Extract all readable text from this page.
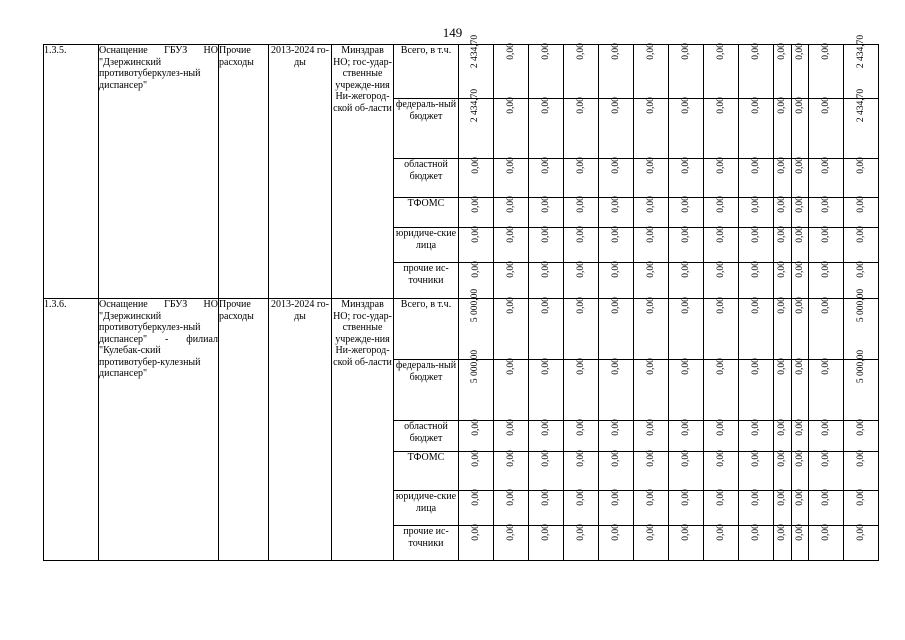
149
1.3.5.	Оснащение ГБУЗ НО "Дзержинский противотуберкулез-ный диспансер"	Прочие расходы	2013-2024 го-ды	Минздрав НО; гос-удар-ственные учрежде-ния Ни-жегород-ской об-ласти	Всего, в т.ч.	2 434,70	0,00	0,00	0,00	0,00	0,00	0,00	0,00	0,00	0,00	0,00	0,00	2 434,70
					федераль-ный бюджет	2 434,70	0,00	0,00	0,00	0,00	0,00	0,00	0,00	0,00	0,00	0,00	0,00	2 434,70
					областной бюджет	0,00	0,00	0,00	0,00	0,00	0,00	0,00	0,00	0,00	0,00	0,00	0,00	0,00
					ТФОМС	0,00	0,00	0,00	0,00	0,00	0,00	0,00	0,00	0,00	0,00	0,00	0,00	0,00
					юридиче-ские лица	0,00	0,00	0,00	0,00	0,00	0,00	0,00	0,00	0,00	0,00	0,00	0,00	0,00
					прочие ис-точники	0,00	0,00	0,00	0,00	0,00	0,00	0,00	0,00	0,00	0,00	0,00	0,00	0,00
1.3.6.	Оснащение ГБУЗ НО "Дзержинский противотуберкулез-ный диспансер" - филиал "Кулебак-ский противотубер-кулезный диспансер"	Прочие расходы	2013-2024 го-ды	Минздрав НО; гос-удар-ственные учрежде-ния Ни-жегород-ской об-ласти	Всего, в т.ч.	5 000,00	0,00	0,00	0,00	0,00	0,00	0,00	0,00	0,00	0,00	0,00	0,00	5 000,00
					федераль-ный бюджет	5 000,00	0,00	0,00	0,00	0,00	0,00	0,00	0,00	0,00	0,00	0,00	0,00	5 000,00
					областной бюджет	0,00	0,00	0,00	0,00	0,00	0,00	0,00	0,00	0,00	0,00	0,00	0,00	0,00
					ТФОМС	0,00	0,00	0,00	0,00	0,00	0,00	0,00	0,00	0,00	0,00	0,00	0,00	0,00
					юридиче-ские лица	0,00	0,00	0,00	0,00	0,00	0,00	0,00	0,00	0,00	0,00	0,00	0,00	0,00
					прочие ис-точники	0,00	0,00	0,00	0,00	0,00	0,00	0,00	0,00	0,00	0,00	0,00	0,00	0,00
